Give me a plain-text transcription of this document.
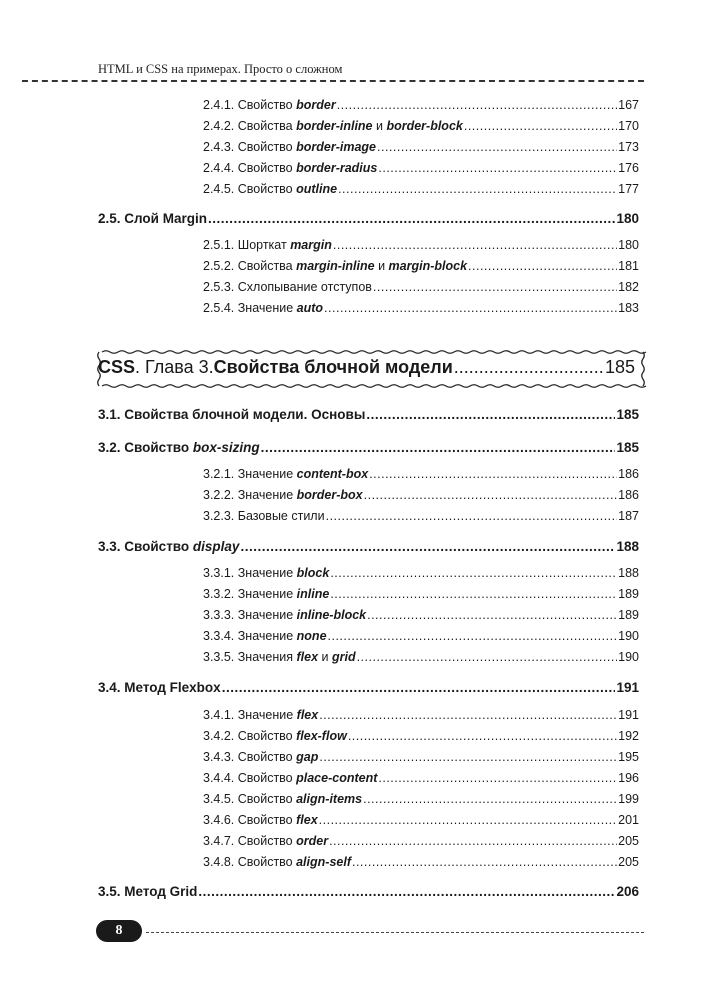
HTML и CSS на примерах. Просто о сложном
CSS . Глава 3. Свойства блочной модели .....	185
2.4.1. Свойство border .....	167
2.4.2. Свойства border-inline и border-block .....	170
2.4.3. Свойство border-image .....	173
2.4.4. Свойство border-radius .....	176
2.4.5. Свойство outline .....	177
2.5. Слой Margin .....	180
2.5.1. Шорткат margin .....	180
2.5.2. Свойства margin-inline и margin-block .....	181
2.5.3. Схлопывание отступов .....	182
2.5.4. Значение auto .....	183
3.1. Свойства блочной модели. Основы .....	185
3.2. Свойство box-sizing .....	185
3.2.1. Значение content-box .....	186
3.2.2. Значение border-box .....	186
3.2.3. Базовые стили .....	187
3.3. Свойство display .....	188
3.3.1. Значение block .....	188
3.3.2. Значение inline .....	189
3.3.3. Значение inline-block .....	189
3.3.4. Значение none .....	190
3.3.5. Значения flex и grid .....	190
3.4. Метод Flexbox .....	191
3.4.1. Значение flex .....	191
3.4.2. Свойство flex-flow .....	192
3.4.3. Свойство gap .....	195
3.4.4. Свойство place-content .....	196
3.4.5. Свойство align-items .....	199
3.4.6. Свойство flex .....	201
3.4.7. Свойство order .....	205
3.4.8. Свойство align-self .....	205
3.5. Метод Grid .....	206
8
